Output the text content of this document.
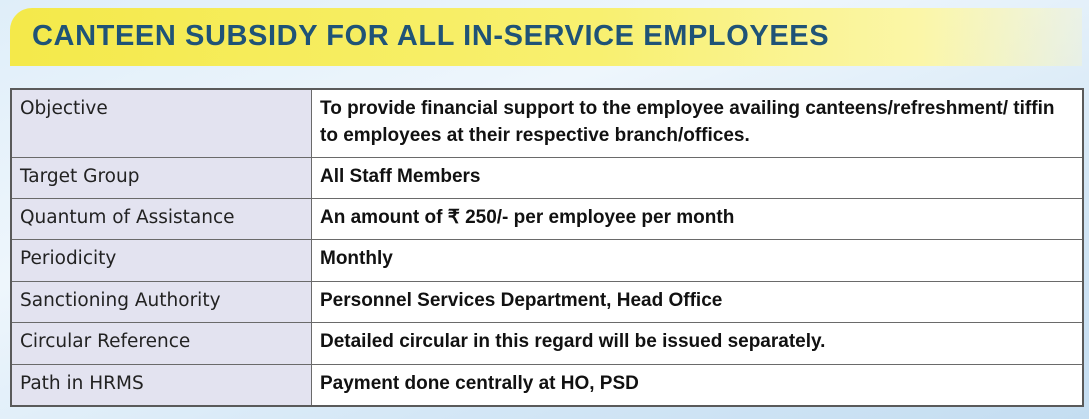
CANTEEN SUBSIDY FOR ALL IN-SERVICE EMPLOYEES
Objective	To provide financial support to the employee availing canteens/refreshment/ tiffin to employees at their respective branch/offices.
Target Group	All Staff Members
Quantum of Assistance	An amount of ₹ 250/- per employee per month
Periodicity	Monthly
Sanctioning Authority	Personnel Services Department, Head Office
Circular Reference	Detailed circular in this regard will be issued separately.
Path in HRMS	Payment done centrally at HO, PSD
